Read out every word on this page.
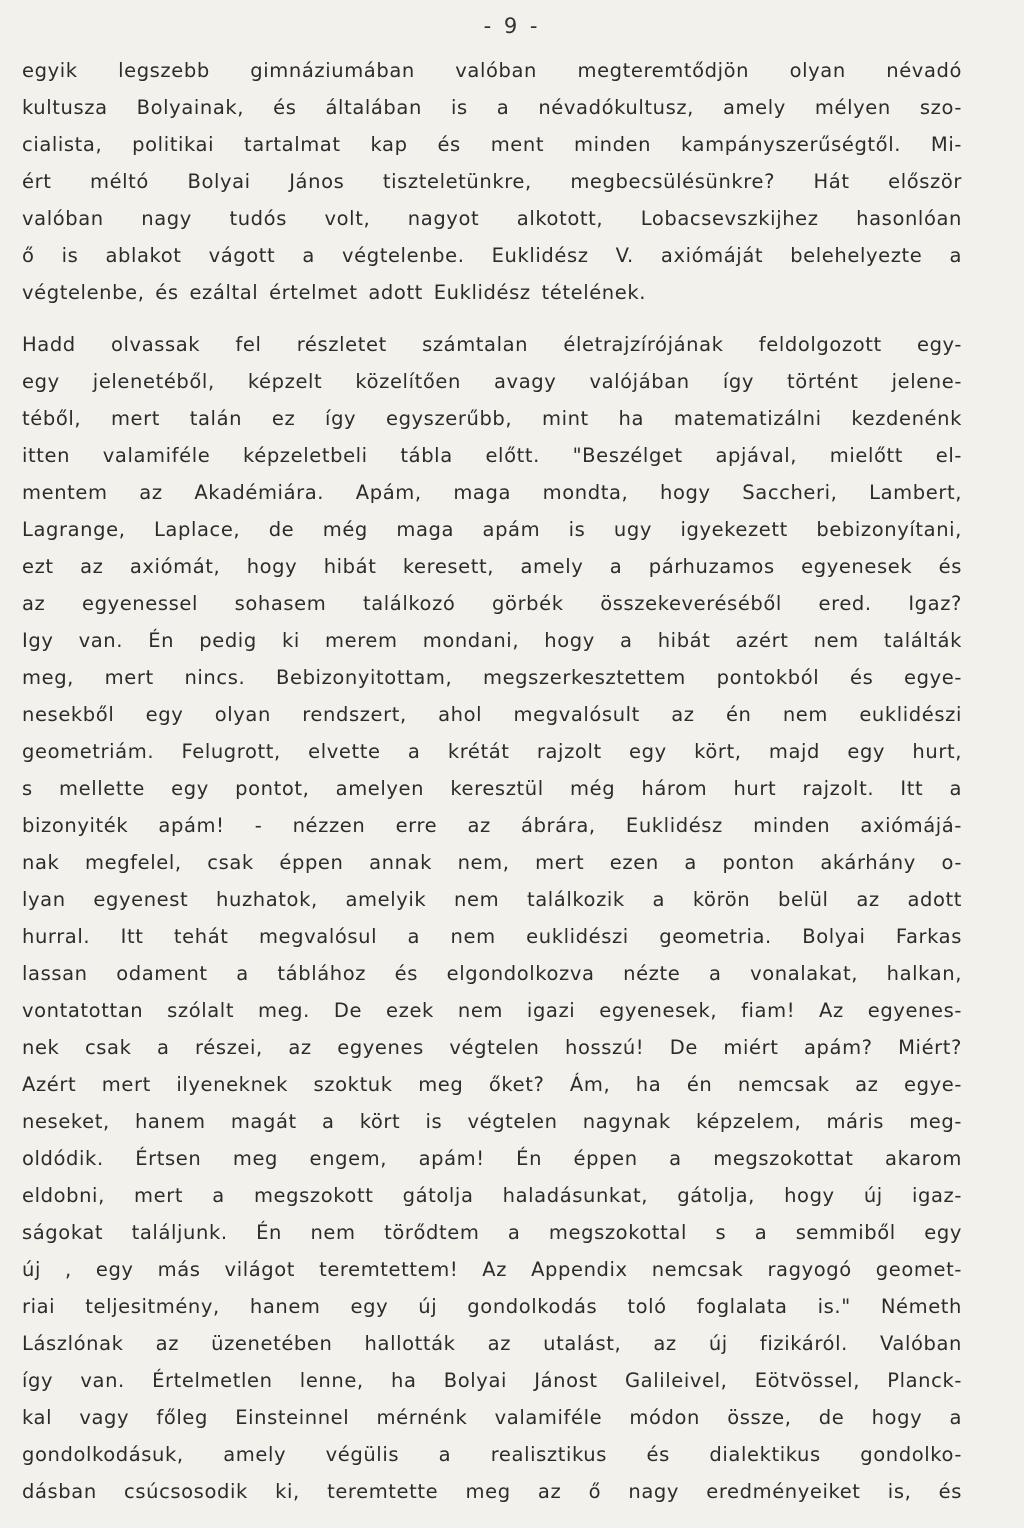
- 9 -
egyik legszebb gimnáziumában valóban megteremtődjön olyan névadó
kultusza Bolyainak, és általában is a névadókultusz, amely mélyen szo-
cialista, politikai tartalmat kap és ment minden kampányszerűségtől. Mi-
ért méltó Bolyai János tiszteletünkre, megbecsülésünkre? Hát először
valóban nagy tudós volt, nagyot alkotott, Lobacsevszkijhez hasonlóan
ő is ablakot vágott a végtelenbe. Euklidész V. axiómáját belehelyezte a
végtelenbe, és ezáltal értelmet adott Euklidész tételének.
Hadd olvassak fel részletet számtalan életrajzírójának feldolgozott egy-
egy jelenetéből, képzelt közelítően avagy valójában így történt jelene-
téből, mert talán ez így egyszerűbb, mint ha matematizálni kezdenénk
itten valamiféle képzeletbeli tábla előtt. "Beszélget apjával, mielőtt el-
mentem az Akadémiára. Apám, maga mondta, hogy Saccheri, Lambert,
Lagrange, Laplace, de még maga apám is ugy igyekezett bebizonyítani,
ezt az axiómát, hogy hibát keresett, amely a párhuzamos egyenesek és
az egyenessel sohasem találkozó görbék összekeveréséből ered. Igaz?
Igy van. Én pedig ki merem mondani, hogy a hibát azért nem találták
meg, mert nincs. Bebizonyitottam, megszerkesztettem pontokból és egye-
nesekből egy olyan rendszert, ahol megvalósult az én nem euklidészi
geometriám. Felugrott, elvette a krétát rajzolt egy kört, majd egy hurt,
s mellette egy pontot, amelyen keresztül még három hurt rajzolt. Itt a
bizonyiték apám! - nézzen erre az ábrára, Euklidész minden axiómájá-
nak megfelel, csak éppen annak nem, mert ezen a ponton akárhány o-
lyan egyenest huzhatok, amelyik nem találkozik a körön belül az adott
hurral. Itt tehát megvalósul a nem euklidészi geometria. Bolyai Farkas
lassan odament a táblához és elgondolkozva nézte a vonalakat, halkan,
vontatottan szólalt meg. De ezek nem igazi egyenesek, fiam! Az egyenes-
nek csak a részei, az egyenes végtelen hosszú! De miért apám? Miért?
Azért mert ilyeneknek szoktuk meg őket? Ám, ha én nemcsak az egye-
neseket, hanem magát a kört is végtelen nagynak képzelem, máris meg-
oldódik. Értsen meg engem, apám! Én éppen a megszokottat akarom
eldobni, mert a megszokott gátolja haladásunkat, gátolja, hogy új igaz-
ságokat találjunk. Én nem törődtem a megszokottal s a semmiből egy
új , egy más világot teremtettem! Az Appendix nemcsak ragyogó geomet-
riai teljesitmény, hanem egy új gondolkodás toló foglalata is." Németh
Lászlónak az üzenetében hallották az utalást, az új fizikáról. Valóban
így van. Értelmetlen lenne, ha Bolyai Jánost Galileivel, Eötvössel, Planck-
kal vagy főleg Einsteinnel mérnénk valamiféle módon össze, de hogy a
gondolkodásuk, amely végülis a realisztikus és dialektikus gondolko-
dásban csúcsosodik ki, teremtette meg az ő nagy eredményeiket is, és
